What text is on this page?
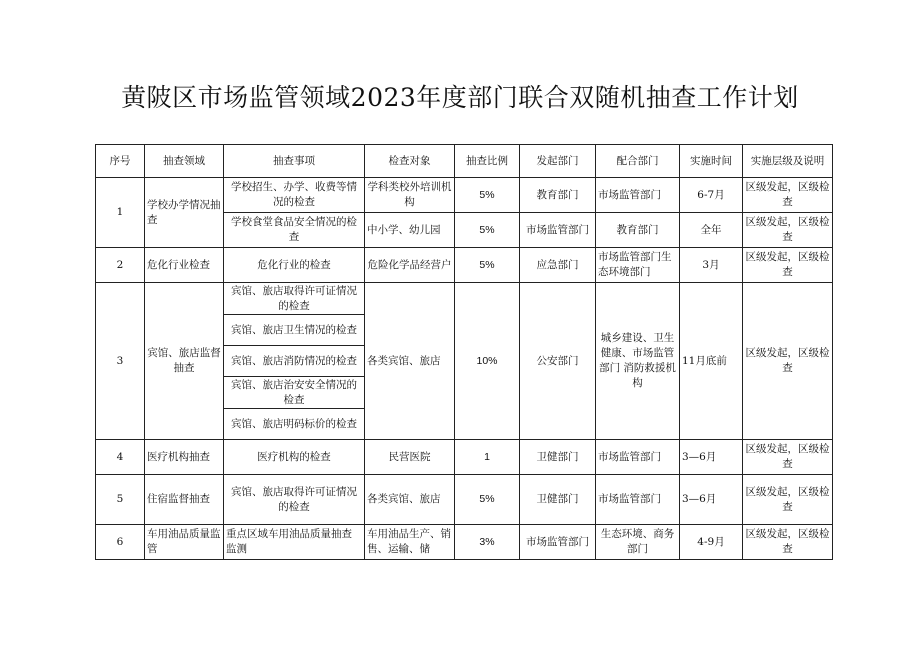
黄陂区市场监管领域2023年度部门联合双随机抽查工作计划
序号	抽查领域	抽查事项	检查对象	抽查比例	发起部门	配合部门	实施时间	实施层级及说明
1	学校办学情况抽查	学校招生、办学、收费等情况的检查	学科类校外培训机构	5%	教育部门	市场监管部门	6-7月	区级发起，区级检查
		学校食堂食品安全情况的检查	中小学、幼儿园	5%	市场监管部门	教育部门	全年	区级发起，区级检查
2	危化行业检查	危化行业的检查	危险化学品经营户	5%	应急部门	市场监管部门生态环境部门	3月	区级发起，区级检查
3	宾馆、旅店监督抽查	宾馆、旅店取得许可证情况的检查	各类宾馆、旅店	10%	公安部门	城乡建设、卫生健康、市场监管部门 消防救援机构	11月底前	区级发起，区级检查
		宾馆、旅店卫生情况的检查						
		宾馆、旅店消防情况的检查						
		宾馆、旅店治安安全情况的检查						
		宾馆、旅店明码标价的检查						
4	医疗机构抽查	医疗机构的检查	民营医院	1	卫健部门	市场监管部门	3—6月	区级发起，区级检查
5	住宿监督抽查	宾馆、旅店取得许可证情况的检查	各类宾馆、旅店	5%	卫健部门	市场监管部门	3—6月	区级发起，区级检查
6	车用油品质量监管	重点区域车用油品质量抽查监测	车用油品生产、销售、运输、储	3%	市场监管部门	生态环境、商务部门	4-9月	区级发起，区级检查
